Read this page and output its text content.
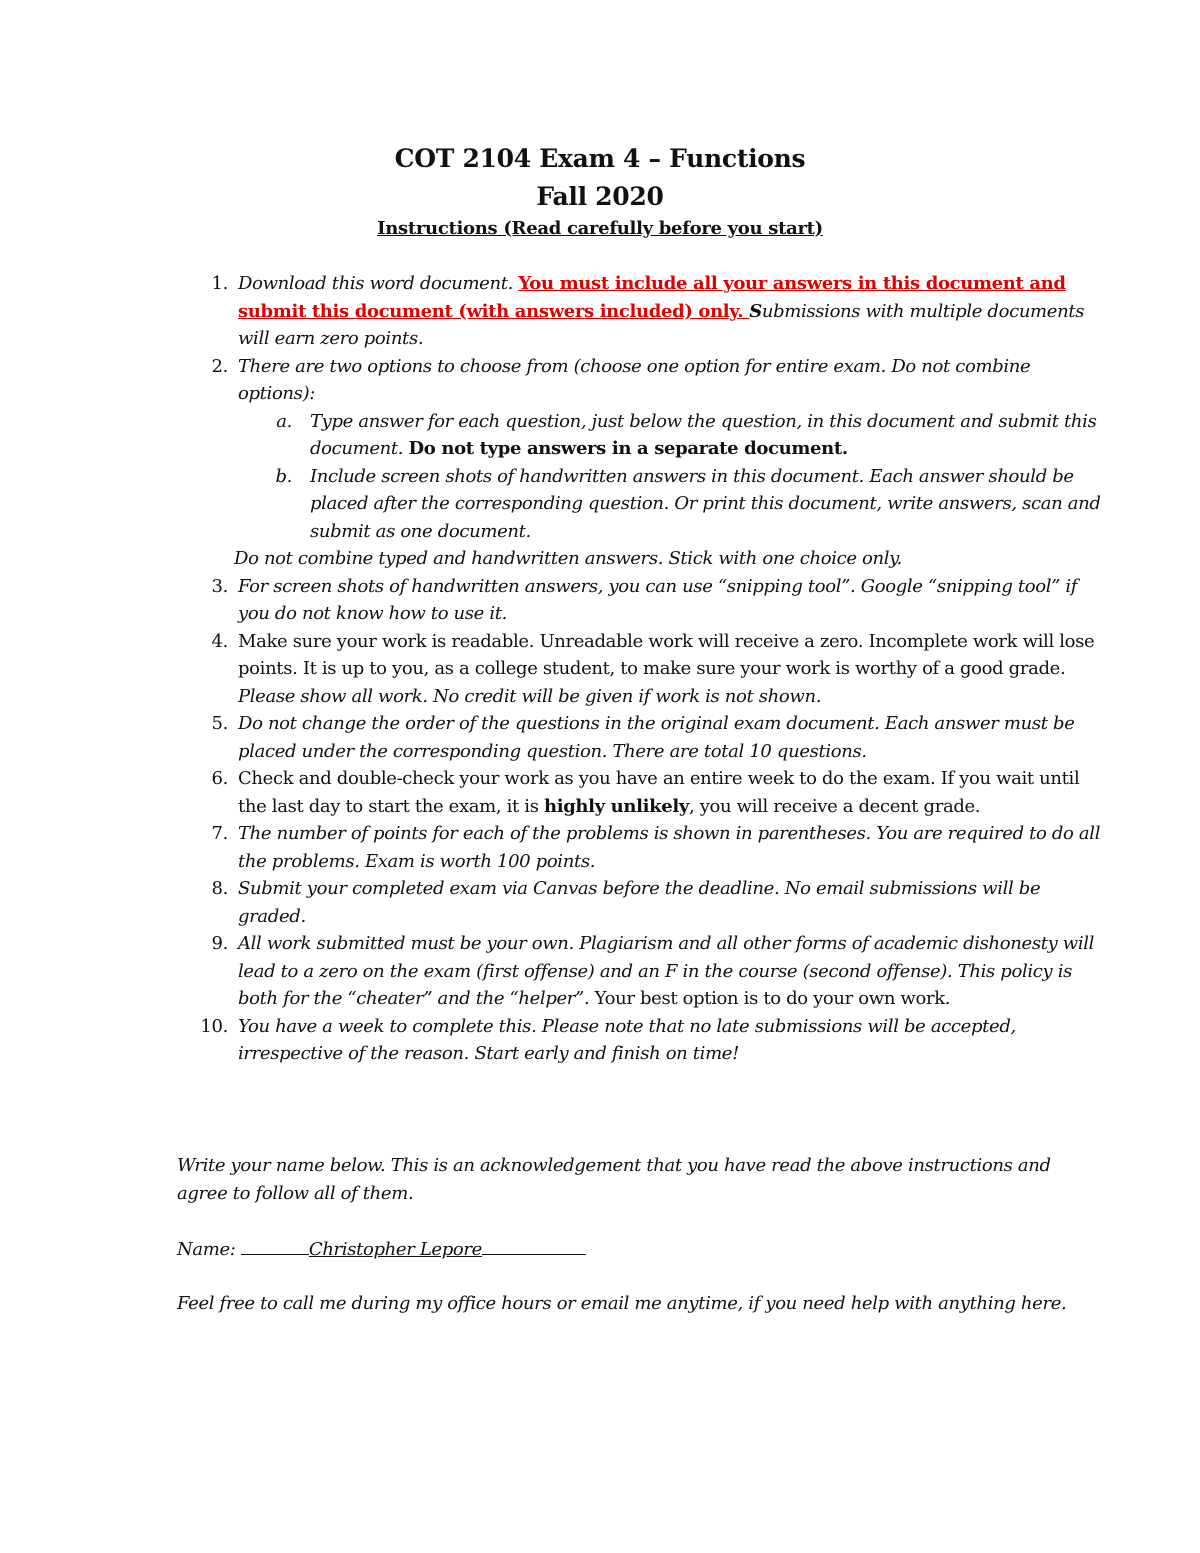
COT 2104 Exam 4 – Functions
Fall 2020
Instructions (Read carefully before you start)
1. Download this word document. You must include all your answers in this document and submit this document (with answers included) only. Submissions with multiple documents will earn zero points.
2. There are two options to choose from (choose one option for entire exam. Do not combine options):
a. Type answer for each question, just below the question, in this document and submit this document. Do not type answers in a separate document.
b. Include screen shots of handwritten answers in this document. Each answer should be placed after the corresponding question. Or print this document, write answers, scan and submit as one document.
Do not combine typed and handwritten answers. Stick with one choice only.
3. For screen shots of handwritten answers, you can use “snipping tool”. Google “snipping tool” if you do not know how to use it.
4. Make sure your work is readable. Unreadable work will receive a zero. Incomplete work will lose points. It is up to you, as a college student, to make sure your work is worthy of a good grade. Please show all work. No credit will be given if work is not shown.
5. Do not change the order of the questions in the original exam document. Each answer must be placed under the corresponding question. There are total 10 questions.
6. Check and double-check your work as you have an entire week to do the exam. If you wait until the last day to start the exam, it is highly unlikely, you will receive a decent grade.
7. The number of points for each of the problems is shown in parentheses. You are required to do all the problems. Exam is worth 100 points.
8. Submit your completed exam via Canvas before the deadline. No email submissions will be graded.
9. All work submitted must be your own. Plagiarism and all other forms of academic dishonesty will lead to a zero on the exam (first offense) and an F in the course (second offense). This policy is both for the “cheater” and the “helper”. Your best option is to do your own work.
10. You have a week to complete this. Please note that no late submissions will be accepted, irrespective of the reason. Start early and finish on time!
Write your name below. This is an acknowledgement that you have read the above instructions and agree to follow all of them.
Name:	Christopher Lepore
Feel free to call me during my office hours or email me anytime, if you need help with anything here.
